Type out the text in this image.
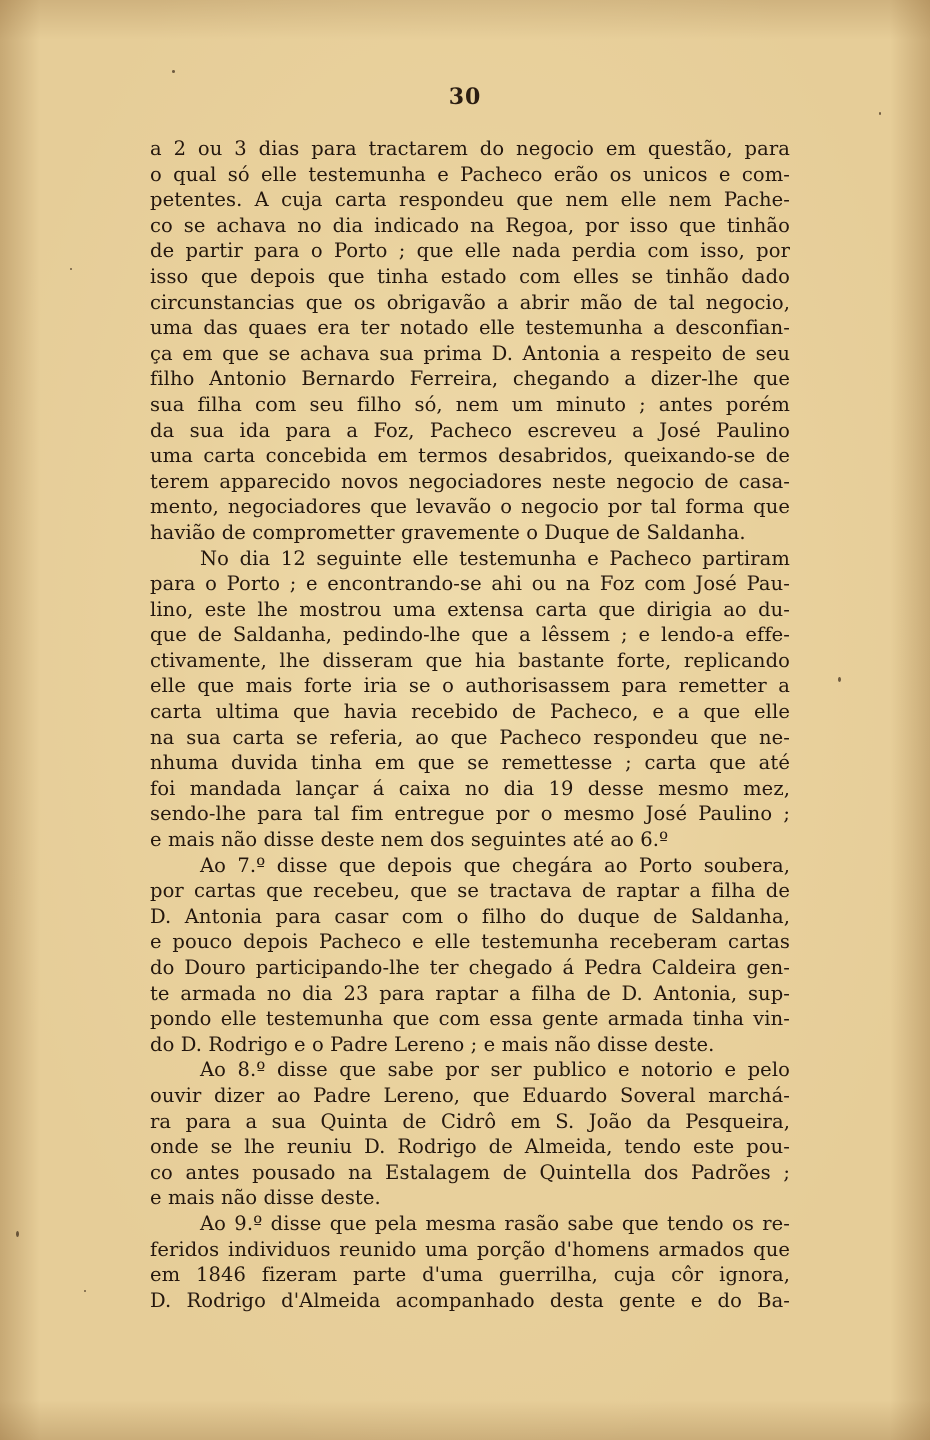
30
a 2 ou 3 dias para tractarem do negocio em questão, para
o qual só elle testemunha e Pacheco erão os unicos e com-
petentes. A cuja carta respondeu que nem elle nem Pache-
co se achava no dia indicado na Regoa, por isso que tinhão
de partir para o Porto ; que elle nada perdia com isso, por
isso que depois que tinha estado com elles se tinhão dado
circunstancias que os obrigavão a abrir mão de tal negocio,
uma das quaes era ter notado elle testemunha a desconfian-
ça em que se achava sua prima D. Antonia a respeito de seu
filho Antonio Bernardo Ferreira, chegando a dizer-lhe que
sua filha com seu filho só, nem um minuto ; antes porém
da sua ida para a Foz, Pacheco escreveu a José Paulino
uma carta concebida em termos desabridos, queixando-se de
terem apparecido novos negociadores neste negocio de casa-
mento, negociadores que levavão o negocio por tal forma que
havião de comprometter gravemente o Duque de Saldanha.
No dia 12 seguinte elle testemunha e Pacheco partiram
para o Porto ; e encontrando-se ahi ou na Foz com José Pau-
lino, este lhe mostrou uma extensa carta que dirigia ao du-
que de Saldanha, pedindo-lhe que a lêssem ; e lendo-a effe-
ctivamente, lhe disseram que hia bastante forte, replicando
elle que mais forte iria se o authorisassem para remetter a
carta ultima que havia recebido de Pacheco, e a que elle
na sua carta se referia, ao que Pacheco respondeu que ne-
nhuma duvida tinha em que se remettesse ; carta que até
foi mandada lançar á caixa no dia 19 desse mesmo mez,
sendo-lhe para tal fim entregue por o mesmo José Paulino ;
e mais não disse deste nem dos seguintes até ao 6.º
Ao 7.º disse que depois que chegára ao Porto soubera,
por cartas que recebeu, que se tractava de raptar a filha de
D. Antonia para casar com o filho do duque de Saldanha,
e pouco depois Pacheco e elle testemunha receberam cartas
do Douro participando-lhe ter chegado á Pedra Caldeira gen-
te armada no dia 23 para raptar a filha de D. Antonia, sup-
pondo elle testemunha que com essa gente armada tinha vin-
do D. Rodrigo e o Padre Lereno ; e mais não disse deste.
Ao 8.º disse que sabe por ser publico e notorio e pelo
ouvir dizer ao Padre Lereno, que Eduardo Soveral marchá-
ra para a sua Quinta de Cidrô em S. João da Pesqueira,
onde se lhe reuniu D. Rodrigo de Almeida, tendo este pou-
co antes pousado na Estalagem de Quintella dos Padrões ;
e mais não disse deste.
Ao 9.º disse que pela mesma rasão sabe que tendo os re-
feridos individuos reunido uma porção d'homens armados que
em 1846 fizeram parte d'uma guerrilha, cuja côr ignora,
D. Rodrigo d'Almeida acompanhado desta gente e do Ba-
